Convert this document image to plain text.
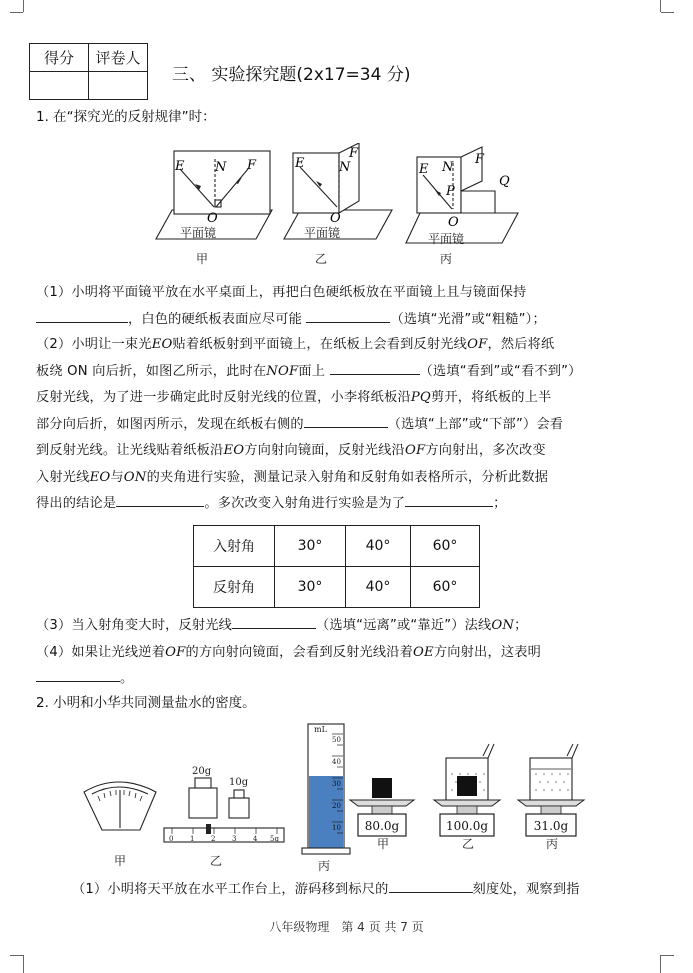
得分	评卷人

三、 实验探究题(2x17=34 分)
1. 在“探究光的反射规律”时：
E N F
O
平面镜
甲
E	N
F
O
平面镜
乙
E N
F
P
Q
O
平面镜
丙
（1）小明将平面镜平放在水平桌面上，再把白色硬纸板放在平面镜上且与镜面保持
，白色的硬纸板表面应尽可能	（选填“光滑”或“粗糙”）；
（2）小明让一束光EO贴着纸板射到平面镜上，在纸板上会看到反射光线OF，然后将纸
板绕 ON 向后折，如图乙所示，此时在NOF面上	（选填“看到”或“看不到”）
反射光线，为了进一步确定此时反射光线的位置，小李将纸板沿PQ剪开，将纸板的上半
部分向后折，如图丙所示，发现在纸板右侧的	（选填“上部”或“下部”）会看
到反射光线。让光线贴着纸板沿EO方向射向镜面，反射光线沿OF方向射出，多次改变
入射光线EO与ON的夹角进行实验，测量记录入射角和反射角如表格所示，分析此数据
得出的结论是	。多次改变入射角进行实验是为了	；
入射角	30°	40°	60°
反射角	30°	40°	60°
（3）当入射角变大时，反射光线	（选填“远离”或“靠近”）法线ON；
（4）如果让光线逆着OF的方向射向镜面，会看到反射光线沿着OE方向射出，这表明
。
2. 小明和小华共同测量盐水的密度。
甲
20g
10g
0 1 2 3 4 5g
乙
mL
50
40
30
20
10
丙
80.0g
甲
100.0g
乙
31.0g
丙
（1）小明将天平放在水平工作台上，游码移到标尺的	刻度处，观察到指
八年级物理　第 4 页 共 7 页
